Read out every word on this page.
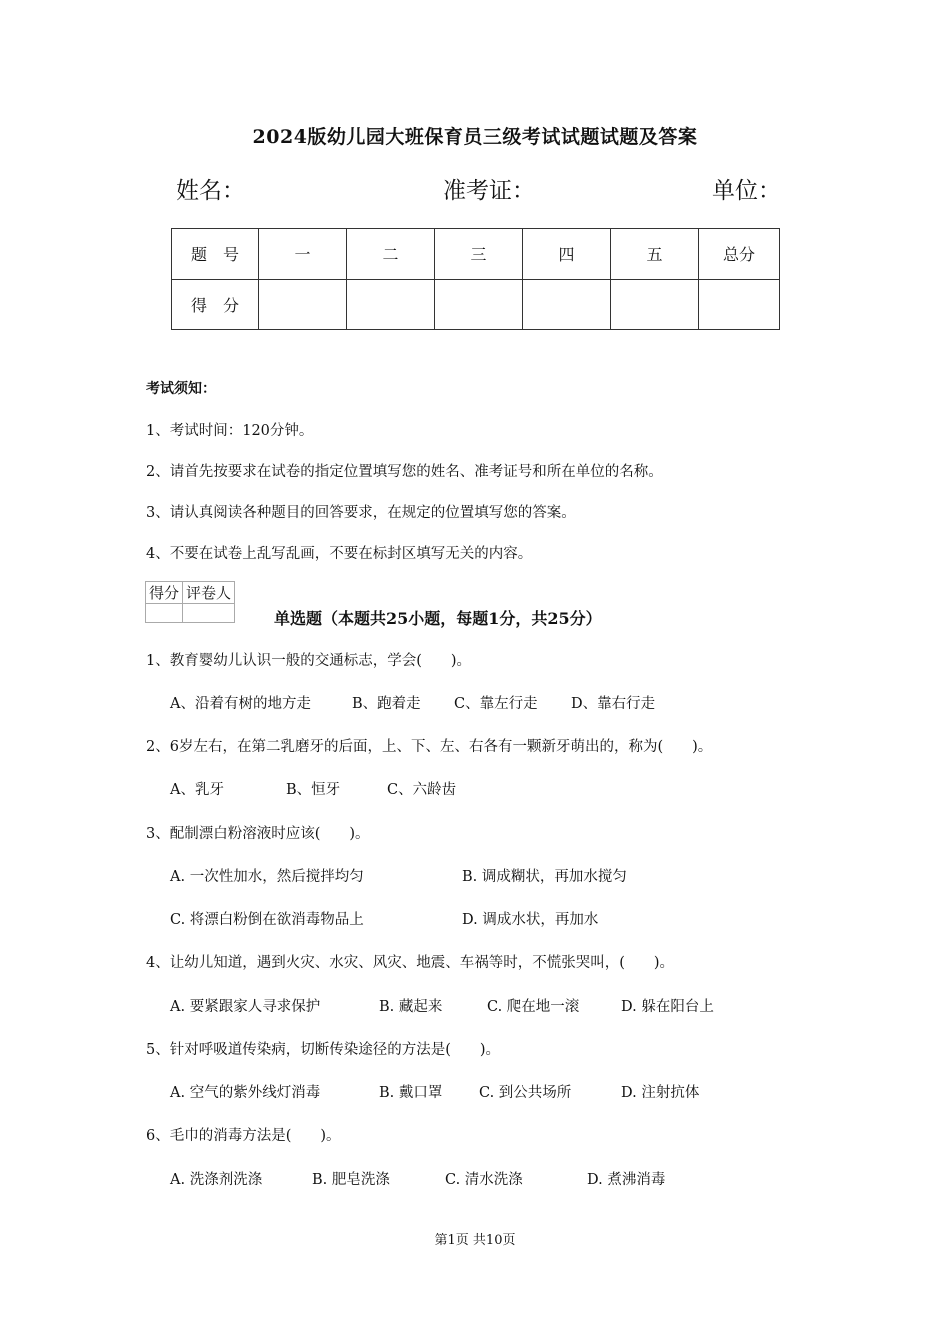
2024版幼儿园大班保育员三级考试试题试题及答案
姓名：	准考证：	单位：
题　号	一	二	三	四	五	总分
得　分						
考试须知：
1、考试时间：120分钟。
2、请首先按要求在试卷的指定位置填写您的姓名、准考证号和所在单位的名称。
3、请认真阅读各种题目的回答要求，在规定的位置填写您的答案。
4、不要在试卷上乱写乱画，不要在标封区填写无关的内容。
得分	评卷人

单选题（本题共25小题，每题1分，共25分）
1、教育婴幼儿认识一般的交通标志，学会(　　)。
A、沿着有树的地方走	B、跑着走 C、靠左行走 D、靠右行走
2、6岁左右，在第二乳磨牙的后面，上、下、左、右各有一颗新牙萌出的，称为(　　)。
A、乳牙	B、恒牙	C、六龄齿
3、配制漂白粉溶液时应该(　　)。
A. 一次性加水，然后搅拌均匀	B. 调成糊状，再加水搅匀
C. 将漂白粉倒在欲消毒物品上	D. 调成水状，再加水
4、让幼儿知道，遇到火灾、水灾、风灾、地震、车祸等时，不慌张哭叫，(　　)。
A. 要紧跟家人寻求保护	B. 藏起来	C. 爬在地一滚	D. 躲在阳台上
5、针对呼吸道传染病，切断传染途径的方法是(　　)。
A. 空气的紫外线灯消毒	B. 戴口罩	C. 到公共场所	D. 注射抗体
6、毛巾的消毒方法是(　　)。
A. 洗涤剂洗涤	B. 肥皂洗涤	C. 清水洗涤	D. 煮沸消毒
第1页 共10页
